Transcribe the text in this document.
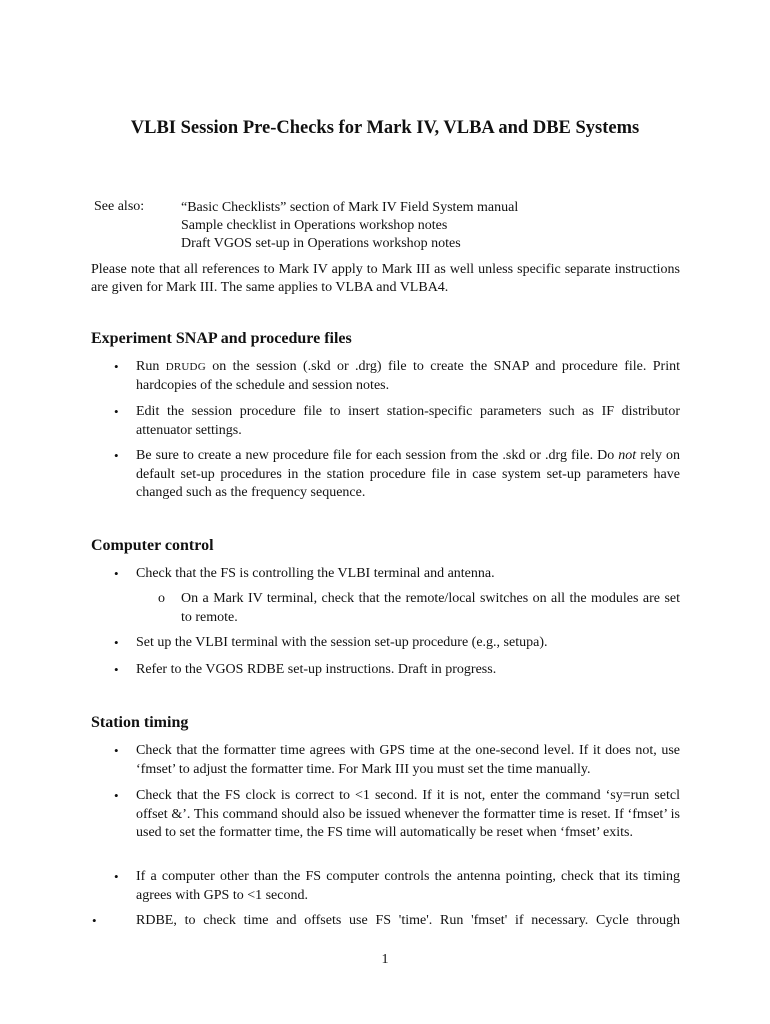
VLBI Session Pre-Checks for Mark IV, VLBA and DBE Systems
See also:	“Basic Checklists” section of Mark IV Field System manual
Sample checklist in Operations workshop notes
Draft VGOS set-up in Operations workshop notes
Please note that all references to Mark IV apply to Mark III as well unless specific separate instructions are given for Mark III. The same applies to VLBA and VLBA4.
Experiment SNAP and procedure files
• Run DRUDG on the session (.skd or .drg) file to create the SNAP and procedure file. Print hardcopies of the schedule and session notes.
• Edit the session procedure file to insert station-specific parameters such as IF distributor attenuator settings.
• Be sure to create a new procedure file for each session from the .skd or .drg file. Do not rely on default set-up procedures in the station procedure file in case system set-up parameters have changed such as the frequency sequence.
Computer control
• Check that the FS is controlling the VLBI terminal and antenna.
o On a Mark IV terminal, check that the remote/local switches on all the modules are set to remote.
• Set up the VLBI terminal with the session set-up procedure (e.g., setupa).
• Refer to the VGOS RDBE set-up instructions. Draft in progress.
Station timing
• Check that the formatter time agrees with GPS time at the one-second level. If it does not, use ‘fmset’ to adjust the formatter time. For Mark III you must set the time manually.
• Check that the FS clock is correct to <1 second. If it is not, enter the command ‘sy=run setcl offset &’. This command should also be issued whenever the formatter time is reset. If ‘fmset’ is used to set the formatter time, the FS time will automatically be reset when ‘fmset’ exits.
• If a computer other than the FS computer controls the antenna pointing, check that its timing agrees with GPS to <1 second.
•	RDBE, to check time and offsets use FS 'time'. Run 'fmset' if necessary. Cycle through
1
